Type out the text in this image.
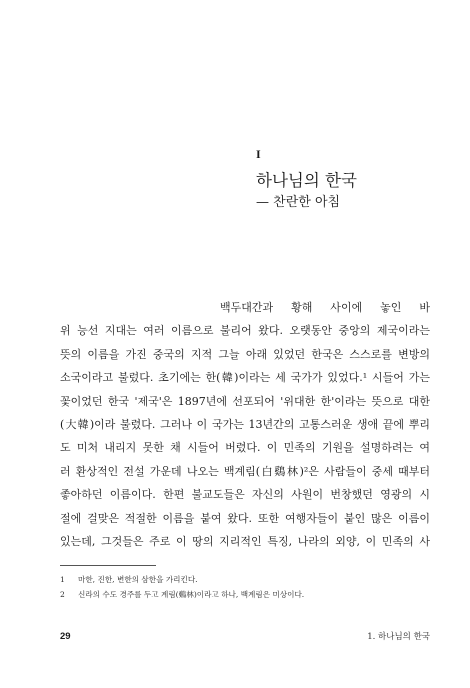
I
하나님의 한국
— 찬란한 아침
백두대간과 황해 사이에 놓인 바
위 능선 지대는 여러 이름으로 불리어 왔다. 오랫동안 중앙의 제국이라는
뜻의 이름을 가진 중국의 지적 그늘 아래 있었던 한국은 스스로를 변방의
소국이라고 불렀다. 초기에는 한(韓)이라는 세 국가가 있었다.¹ 시들어 가는
꽃이었던 한국 '제국'은 1897년에 선포되어 '위대한 한'이라는 뜻으로 대한
(大韓)이라 불렸다. 그러나 이 국가는 13년간의 고통스러운 생애 끝에 뿌리
도 미처 내리지 못한 채 시들어 버렸다. 이 민족의 기원을 설명하려는 여
러 환상적인 전설 가운데 나오는 백계림(白鷄林)²은 사람들이 중세 때부터
좋아하던 이름이다. 한편 불교도들은 자신의 사원이 번창했던 영광의 시
절에 걸맞은 적절한 이름을 붙여 왔다. 또한 여행자들이 붙인 많은 이름이
있는데, 그것들은 주로 이 땅의 지리적인 특징, 나라의 외양, 이 민족의 사
1 마한, 진한, 변한의 삼한을 가리킨다.
2 신라의 수도 경주를 두고 계림(鷄林)이라고 하나, 백계림은 미상이다.
29	1. 하나님의 한국
